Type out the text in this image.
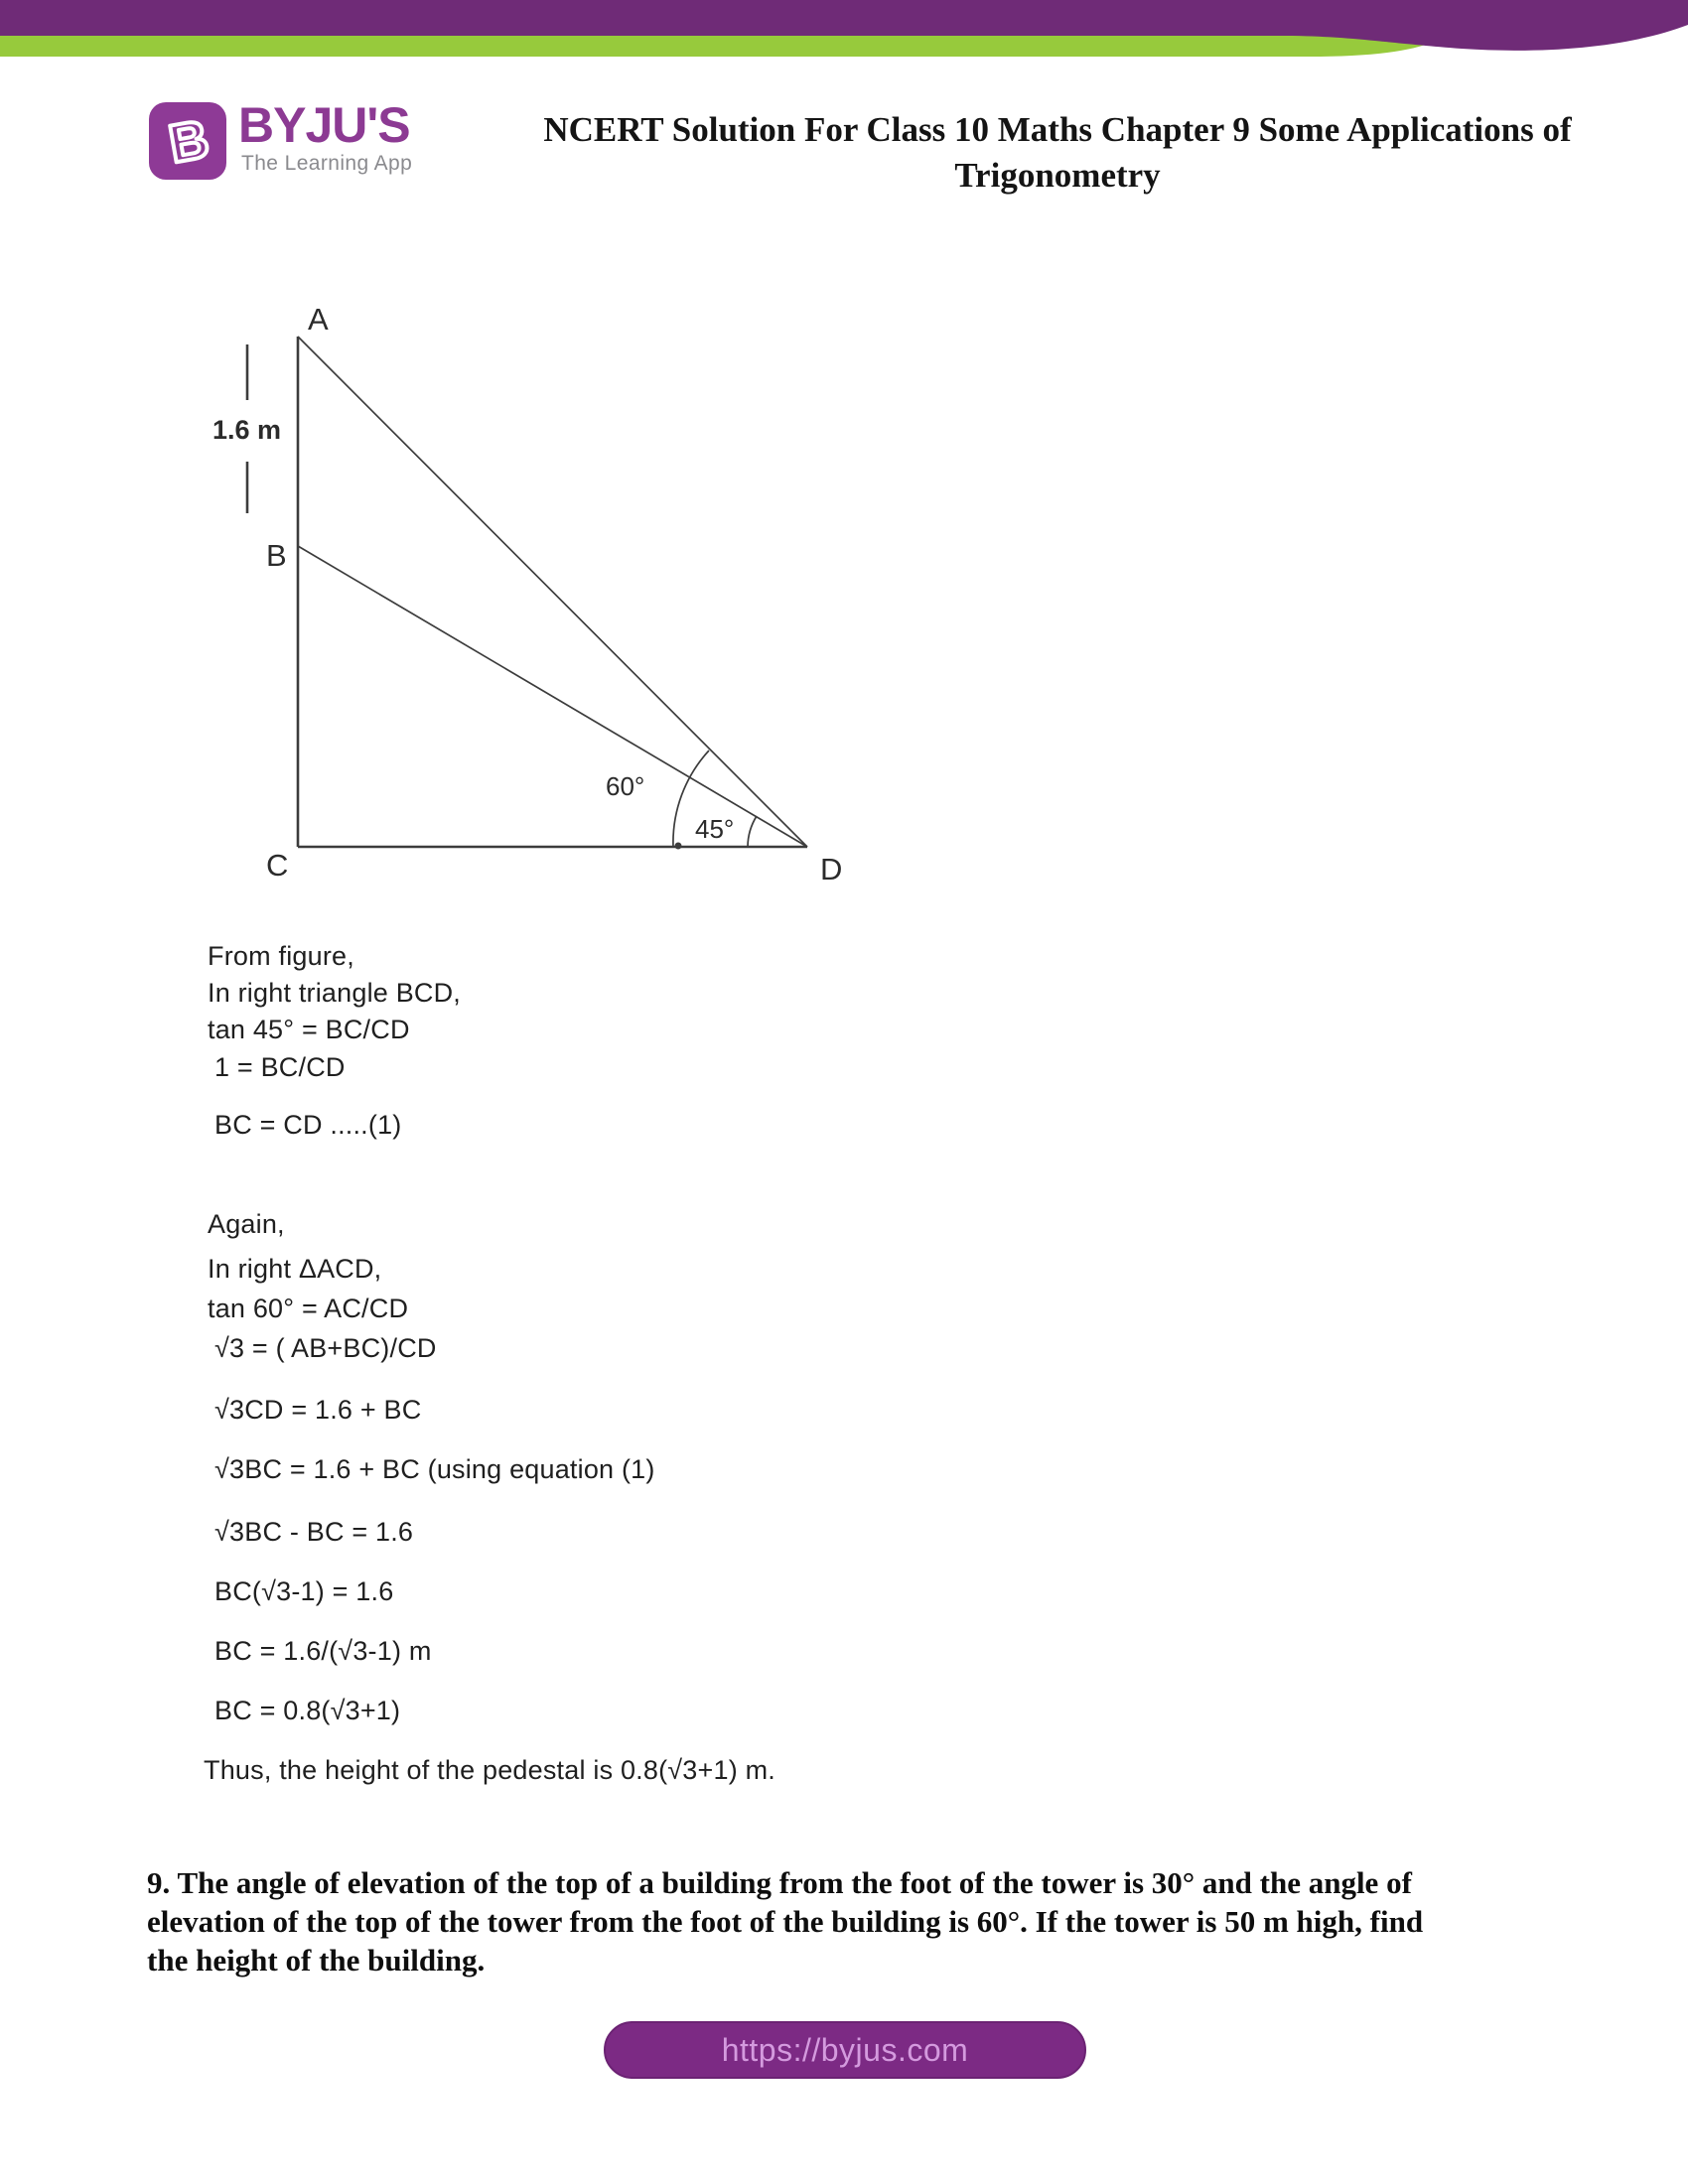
B BYJU'S
The Learning App
NCERT Solution For Class 10 Maths Chapter 9 Some Applications of
Trigonometry
A
B
C	D
1.6 m
60°
45°
From figure,
In right triangle BCD,
tan 45° = BC/CD
1 = BC/CD
BC = CD .....(1)
Again,
In right ΔACD,
tan 60° = AC/CD
√3 = ( AB+BC)/CD
√3CD = 1.6 + BC
√3BC = 1.6 + BC (using equation (1)
√3BC - BC = 1.6
BC(√3-1) = 1.6
BC = 1.6/(√3-1) m
BC = 0.8(√3+1)
Thus, the height of the pedestal is 0.8(√3+1) m.
9. The angle of elevation of the top of a building from the foot of the tower is 30° and the angle of
elevation of the top of the tower from the foot of the building is 60°. If the tower is 50 m high, find
the height of the building.
https://byjus.com
